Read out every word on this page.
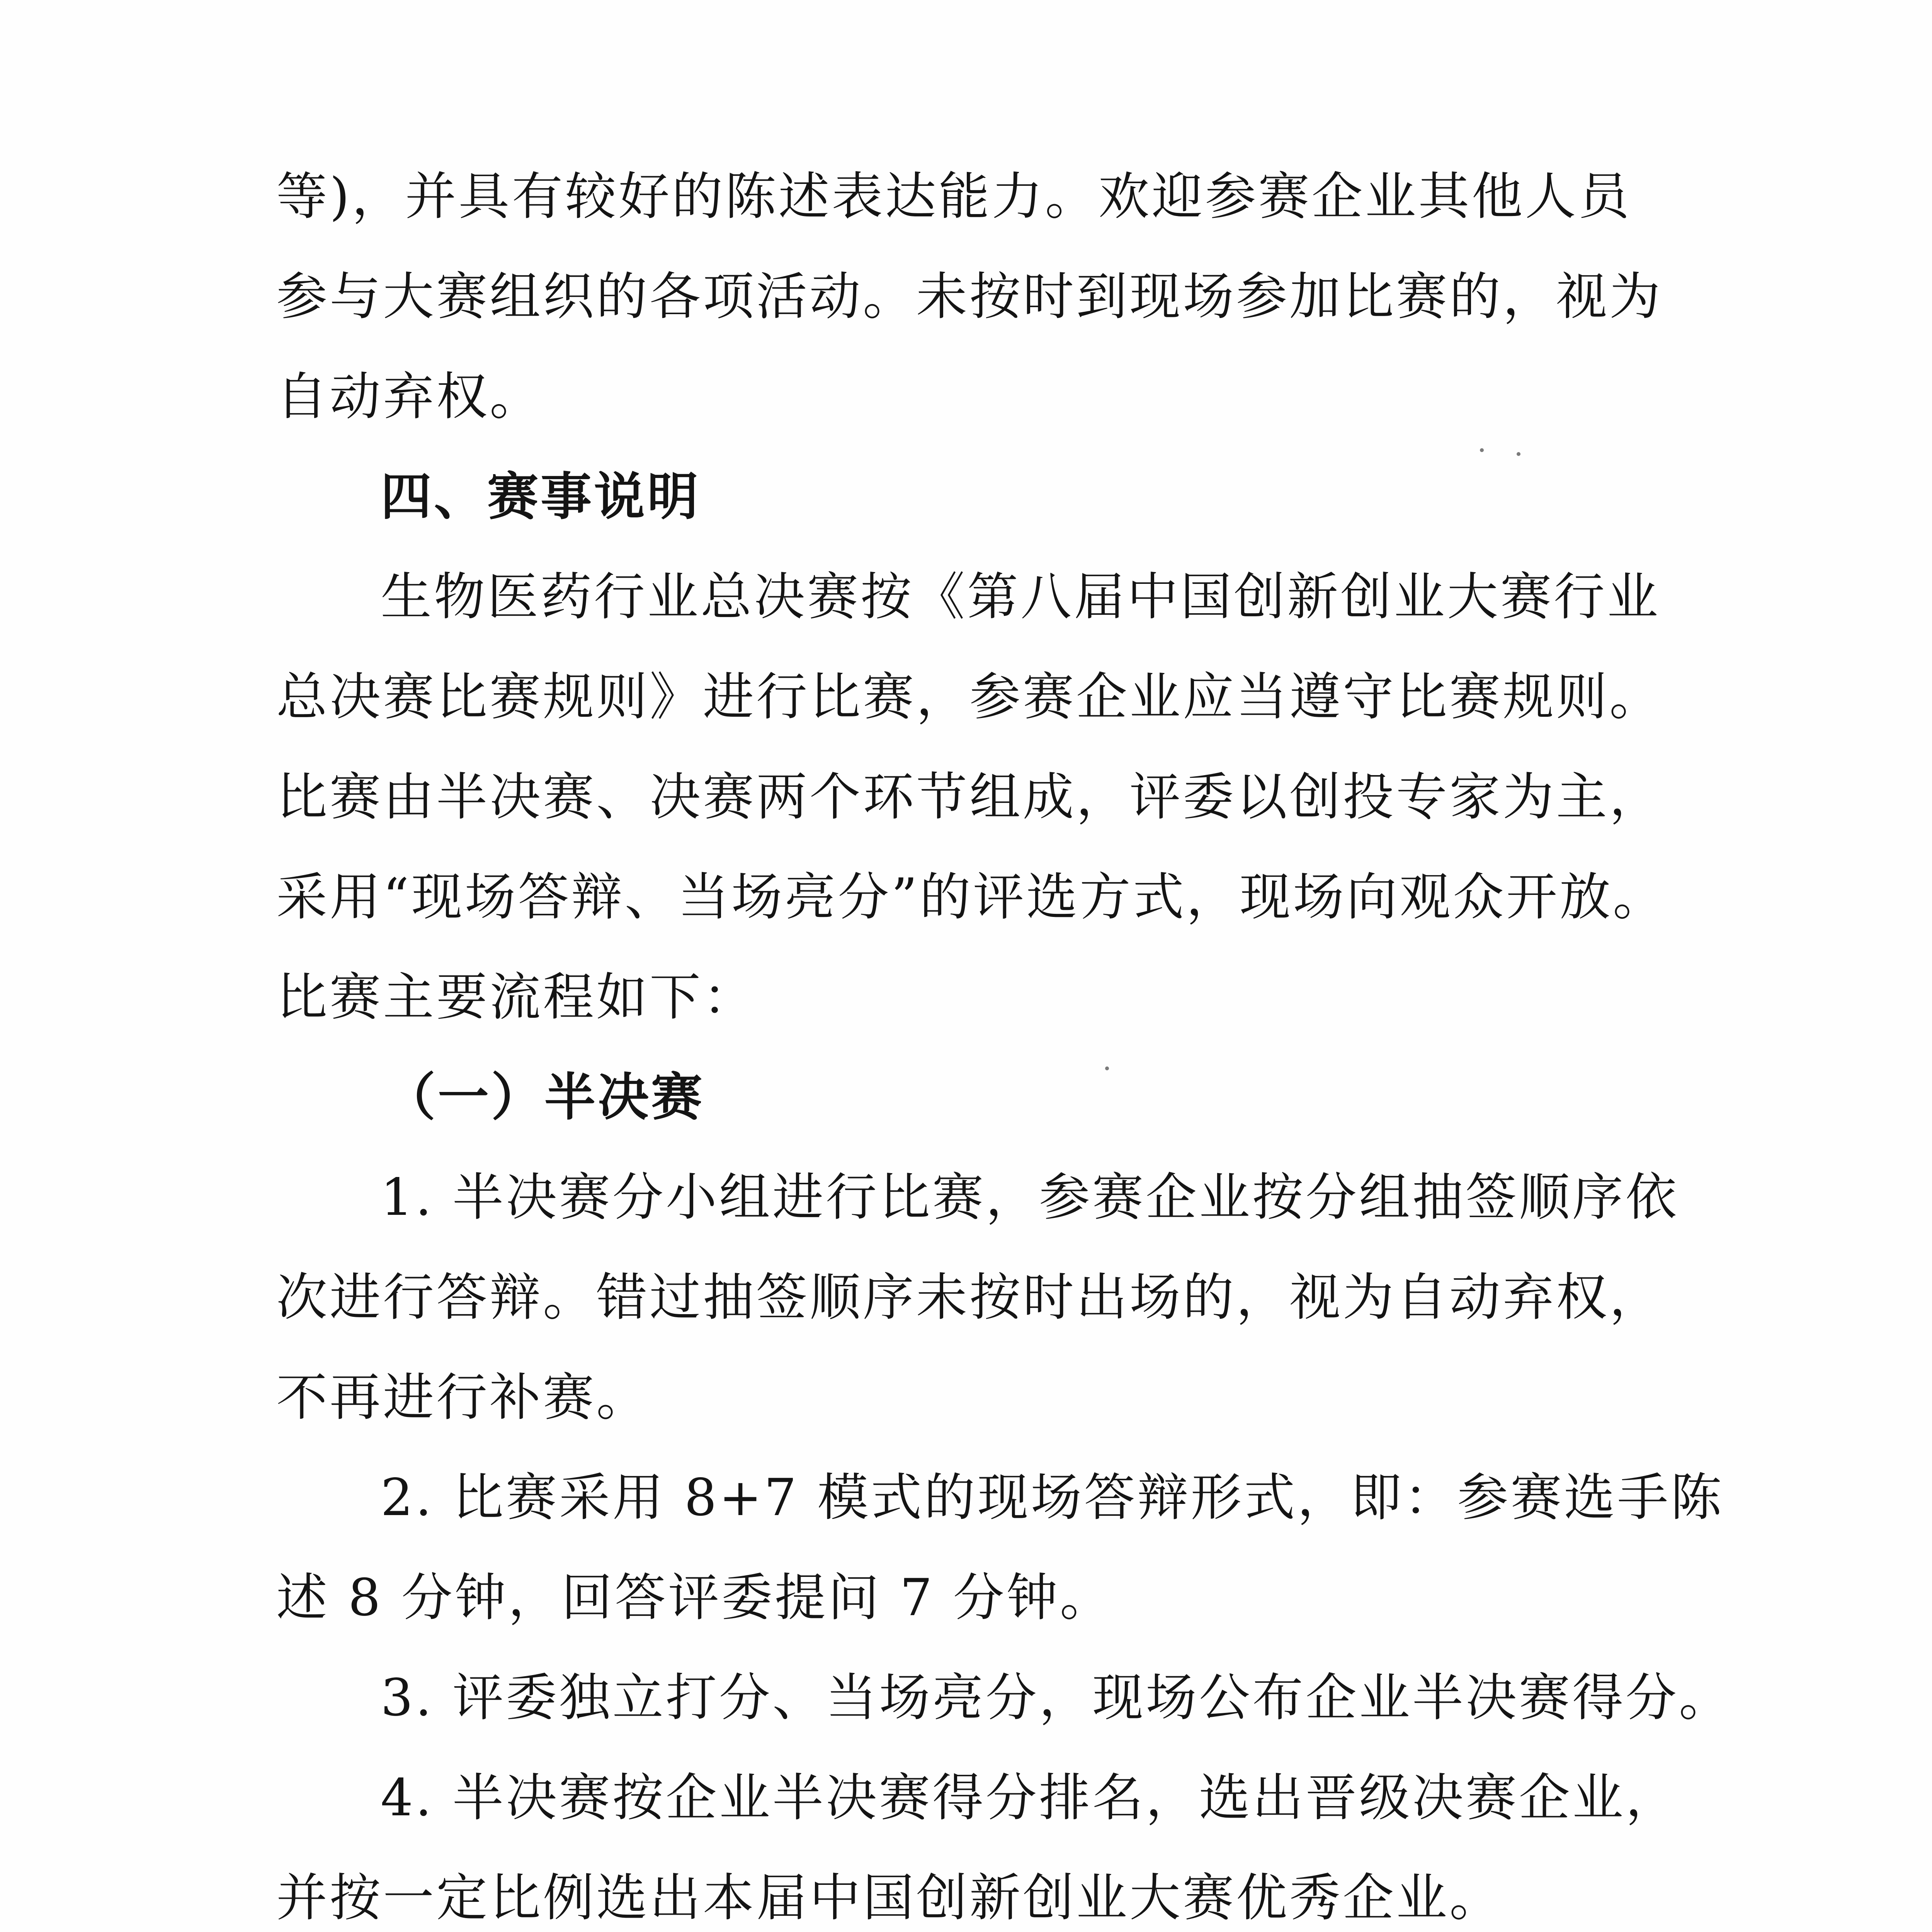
等)，并具有较好的陈述表达能力。欢迎参赛企业其他人员
参与大赛组织的各项活动。未按时到现场参加比赛的，视为
自动弃权。
四、赛事说明
生物医药行业总决赛按《第八届中国创新创业大赛行业
总决赛比赛规则》进行比赛，参赛企业应当遵守比赛规则。
比赛由半决赛、决赛两个环节组成，评委以创投专家为主，
采用“现场答辩、当场亮分”的评选方式，现场向观众开放。
比赛主要流程如下：
（一）半决赛
1. 半决赛分小组进行比赛，参赛企业按分组抽签顺序依
次进行答辩。错过抽签顺序未按时出场的，视为自动弃权，
不再进行补赛。
2. 比赛采用 8+7 模式的现场答辩形式，即：参赛选手陈
述 8 分钟，回答评委提问 7 分钟。
3. 评委独立打分、当场亮分，现场公布企业半决赛得分。
4. 半决赛按企业半决赛得分排名，选出晋级决赛企业，
并按一定比例选出本届中国创新创业大赛优秀企业。
